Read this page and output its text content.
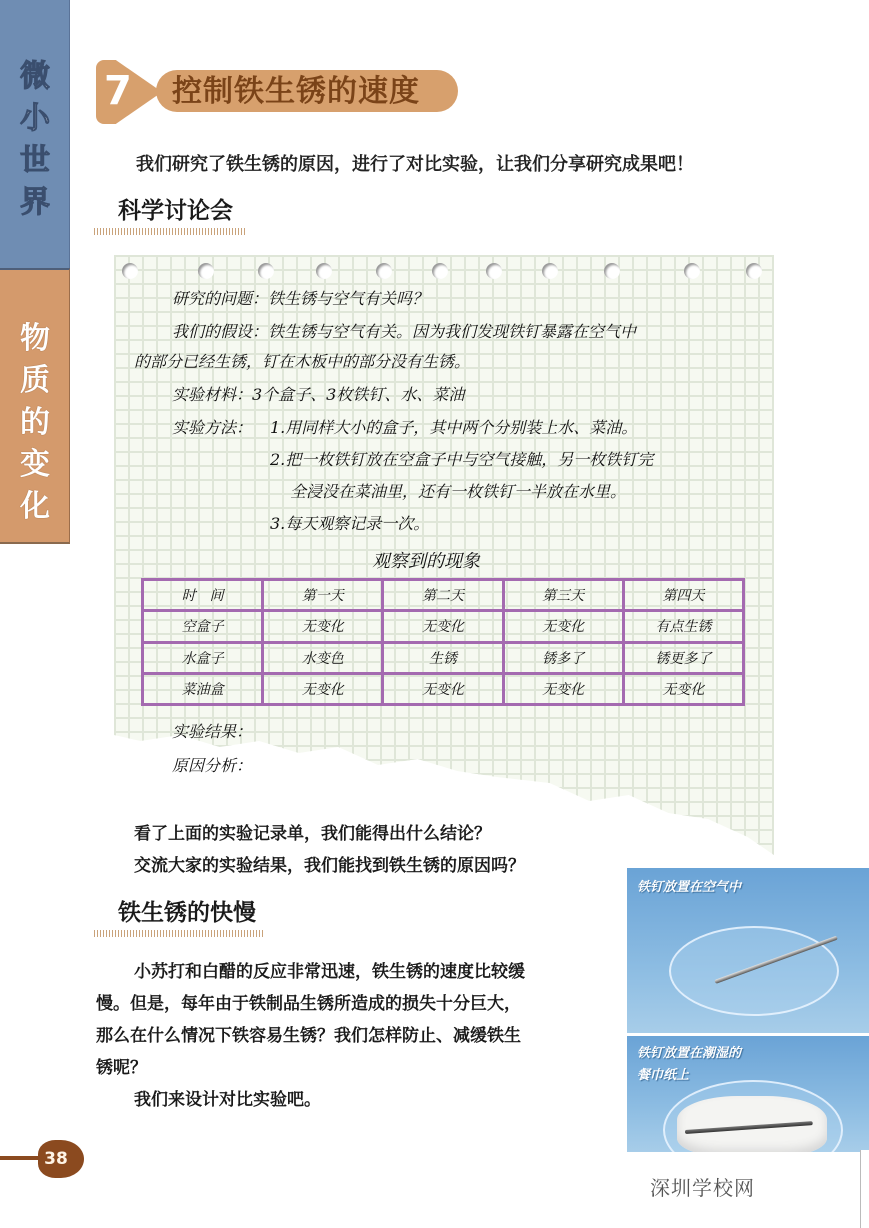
微
小
世
界
物
质
的
变
化
7	控制铁生锈的速度
我们研究了铁生锈的原因，进行了对比实验，让我们分享研究成果吧！
科学讨论会
研究的问题：铁生锈与空气有关吗？
我们的假设：铁生锈与空气有关。因为我们发现铁钉暴露在空气中
的部分已经生锈，钉在木板中的部分没有生锈。
实验材料：3个盒子、3枚铁钉、水、菜油
实验方法： 1.用同样大小的盒子，其中两个分别装上水、菜油。
2.把一枚铁钉放在空盒子中与空气接触，另一枚铁钉完
全浸没在菜油里，还有一枚铁钉一半放在水里。
3.每天观察记录一次。
观察到的现象
时　间	第一天	第二天	第三天	第四天
空盒子	无变化	无变化	无变化	有点生锈
水盒子	水变色	生锈	锈多了	锈更多了
菜油盒	无变化	无变化	无变化	无变化
实验结果：
原因分析：
看了上面的实验记录单，我们能得出什么结论？
交流大家的实验结果，我们能找到铁生锈的原因吗？
铁生锈的快慢
小苏打和白醋的反应非常迅速，铁生锈的速度比较缓
慢。但是，每年由于铁制品生锈所造成的损失十分巨大，
那么在什么情况下铁容易生锈？我们怎样防止、减缓铁生
锈呢？
我们来设计对比实验吧。
铁钉放置在空气中
铁钉放置在潮湿的
餐巾纸上
38
深圳学校网
